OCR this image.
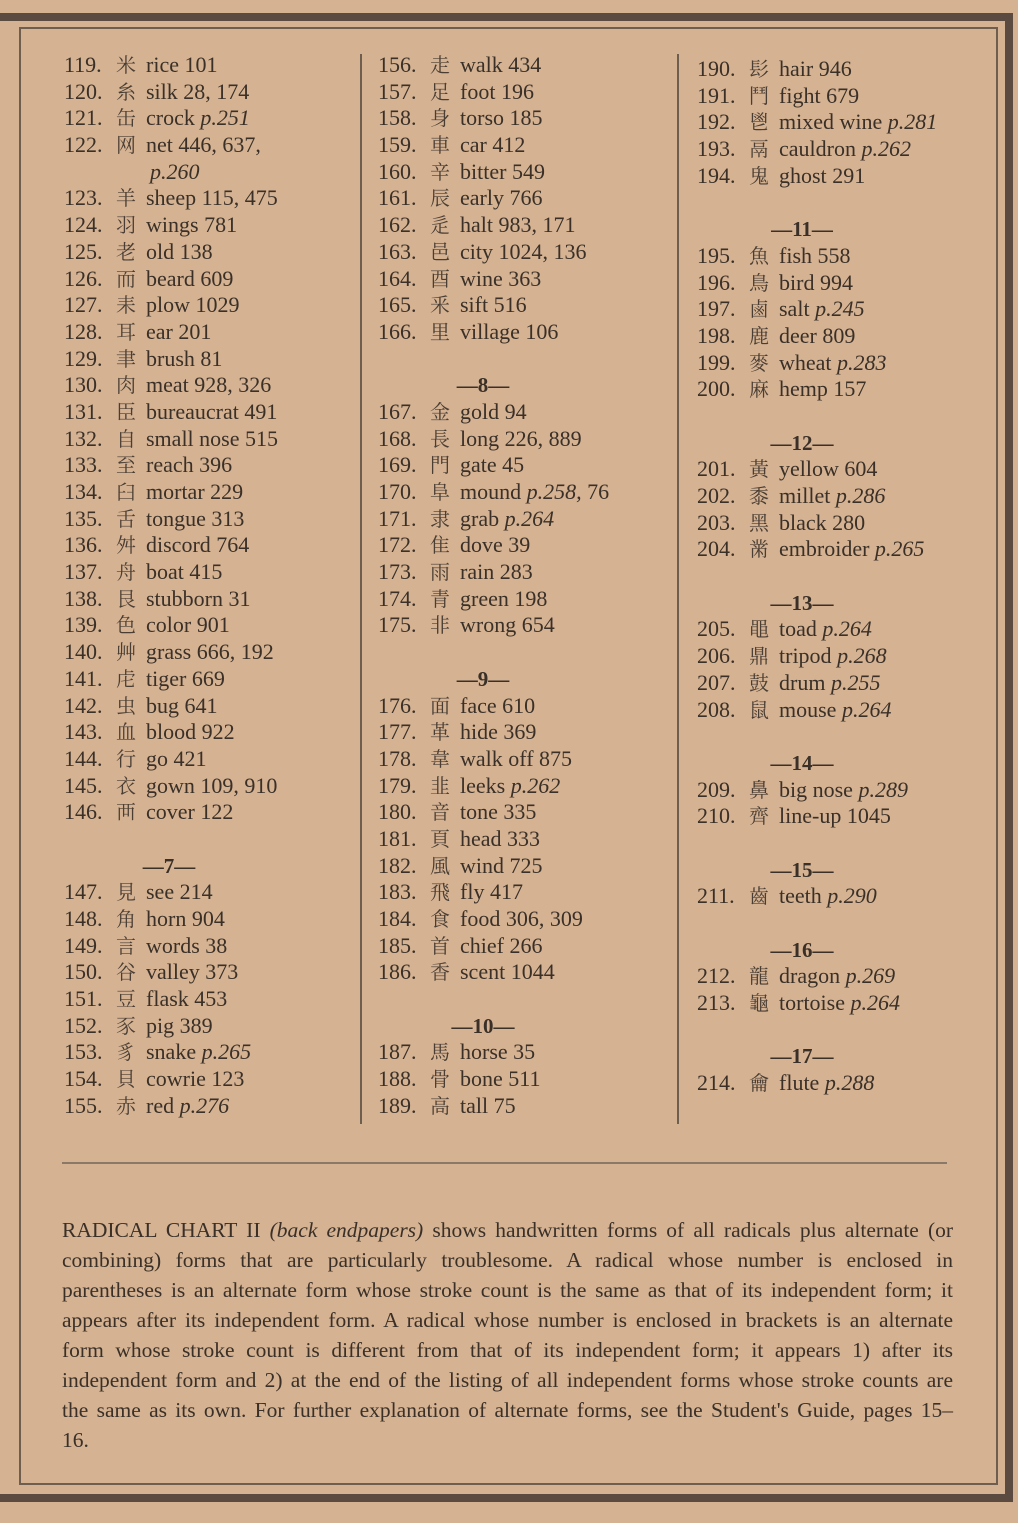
119. 米 rice 101
120. 糸 silk 28, 174
121. 缶 crock p.251
122. 网 net 446, 637,
p.260
123. 羊 sheep 115, 475
124. 羽 wings 781
125. 老 old 138
126. 而 beard 609
127. 耒 plow 1029
128. 耳 ear 201
129. 聿 brush 81
130. 肉 meat 928, 326
131. 臣 bureaucrat 491
132. 自 small nose 515
133. 至 reach 396
134. 臼 mortar 229
135. 舌 tongue 313
136. 舛 discord 764
137. 舟 boat 415
138. 艮 stubborn 31
139. 色 color 901
140. 艸 grass 666, 192
141. 虍 tiger 669
142. 虫 bug 641
143. 血 blood 922
144. 行 go 421
145. 衣 gown 109, 910
146. 襾 cover 122
—7—
147. 見 see 214
148. 角 horn 904
149. 言 words 38
150. 谷 valley 373
151. 豆 flask 453
152. 豕 pig 389
153. 豸 snake p.265
154. 貝 cowrie 123
155. 赤 red p.276
156. 走 walk 434
157. 足 foot 196
158. 身 torso 185
159. 車 car 412
160. 辛 bitter 549
161. 辰 early 766
162. 辵 halt 983, 171
163. 邑 city 1024, 136
164. 酉 wine 363
165. 釆 sift 516
166. 里 village 106
—8—
167. 金 gold 94
168. 長 long 226, 889
169. 門 gate 45
170. 阜 mound p.258, 76
171. 隶 grab p.264
172. 隹 dove 39
173. 雨 rain 283
174. 青 green 198
175. 非 wrong 654
—9—
176. 面 face 610
177. 革 hide 369
178. 韋 walk off 875
179. 韭 leeks p.262
180. 音 tone 335
181. 頁 head 333
182. 風 wind 725
183. 飛 fly 417
184. 食 food 306, 309
185. 首 chief 266
186. 香 scent 1044
—10—
187. 馬 horse 35
188. 骨 bone 511
189. 高 tall 75
190. 髟 hair 946
191. 鬥 fight 679
192. 鬯 mixed wine p.281
193. 鬲 cauldron p.262
194. 鬼 ghost 291
—11—
195. 魚 fish 558
196. 鳥 bird 994
197. 鹵 salt p.245
198. 鹿 deer 809
199. 麥 wheat p.283
200. 麻 hemp 157
—12—
201. 黃 yellow 604
202. 黍 millet p.286
203. 黑 black 280
204. 黹 embroider p.265
—13—
205. 黽 toad p.264
206. 鼎 tripod p.268
207. 鼓 drum p.255
208. 鼠 mouse p.264
—14—
209. 鼻 big nose p.289
210. 齊 line-up 1045
—15—
211. 齒 teeth p.290
—16—
212. 龍 dragon p.269
213. 龜 tortoise p.264
—17—
214. 龠 flute p.288

RADICAL CHART II (back endpapers) shows handwritten forms of all radicals plus alternate (or combining) forms that are particularly troublesome. A radical whose number is enclosed in parentheses is an alternate form whose stroke count is the same as that of its independent form; it appears after its independent form. A radical whose number is enclosed in brackets is an alternate form whose stroke count is different from that of its independent form; it appears 1) after its independent form and 2) at the end of the listing of all independent forms whose stroke counts are the same as its own. For further explanation of alternate forms, see the Student's Guide, pages 15–16.
